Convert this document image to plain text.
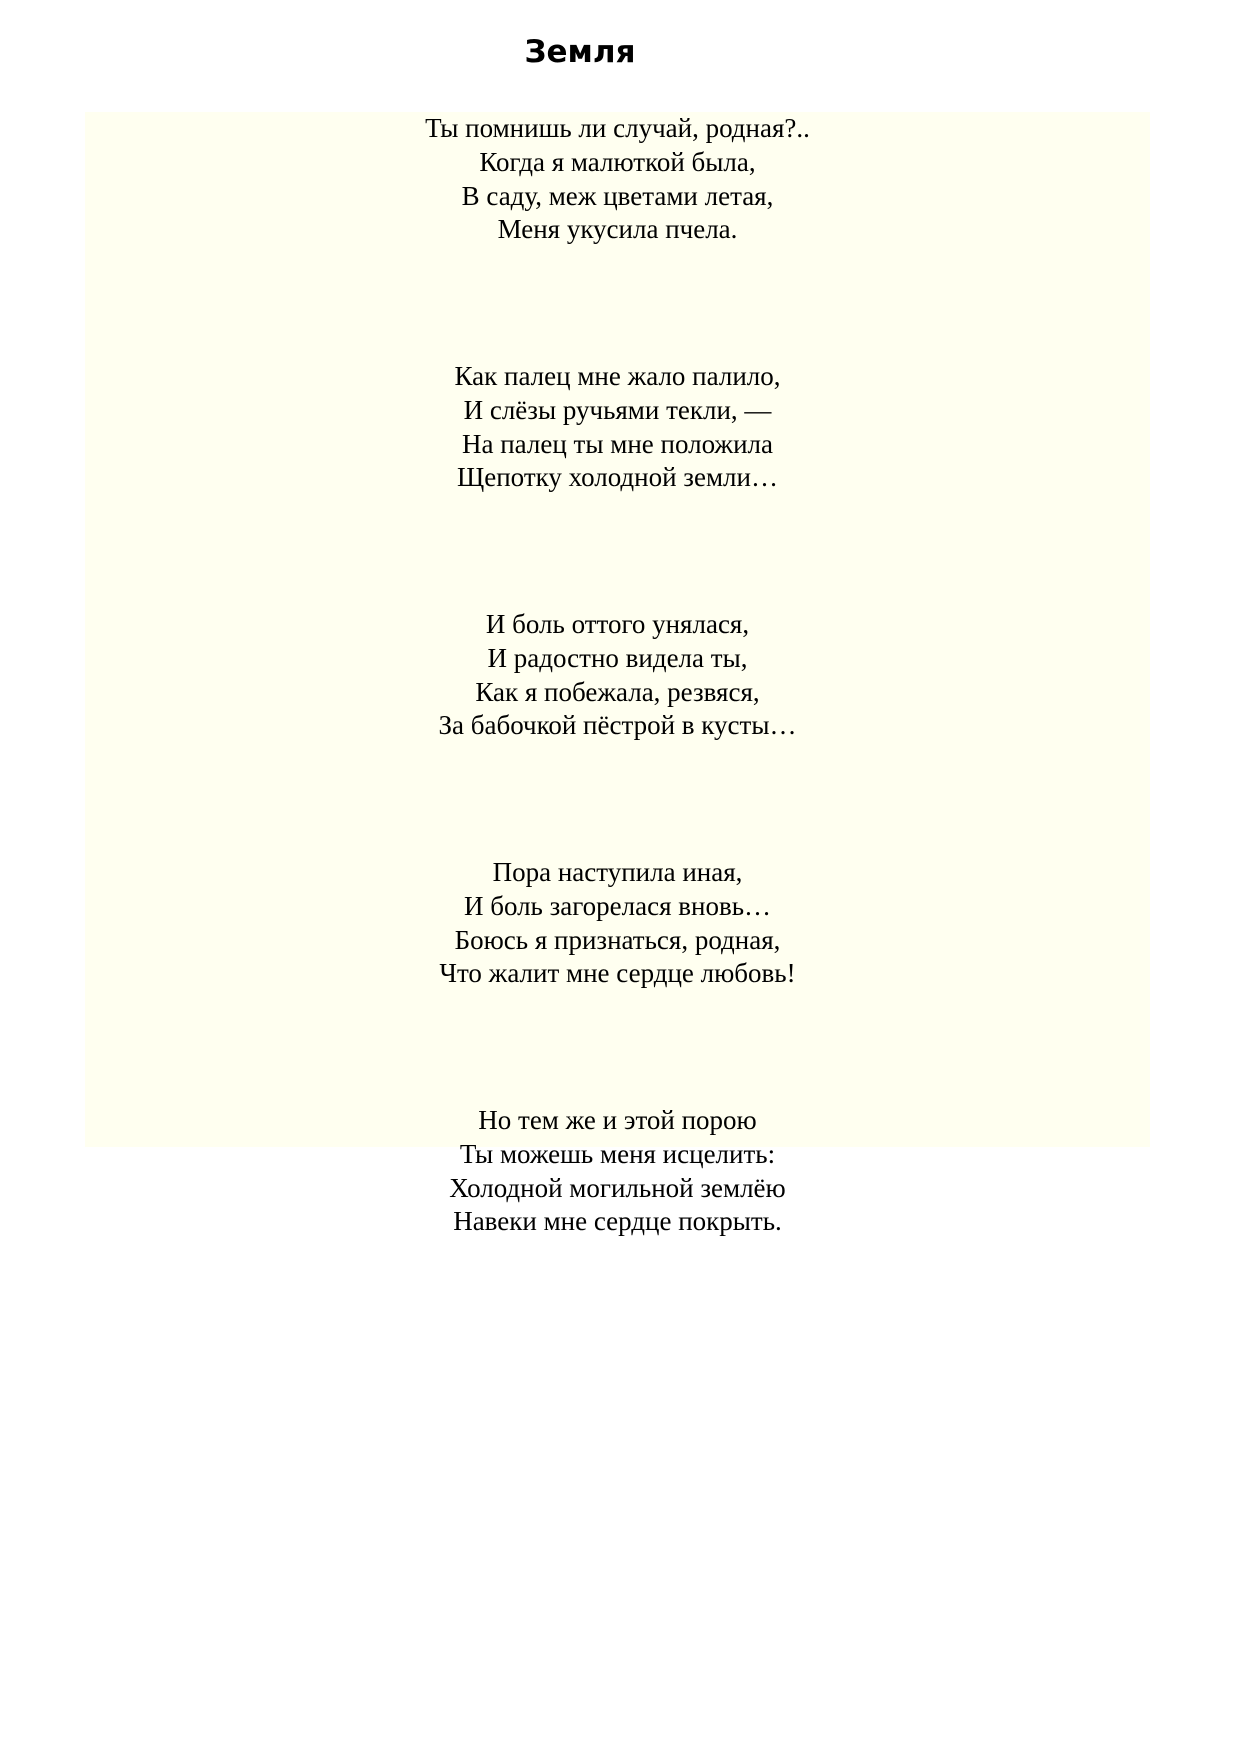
Земля
Ты помнишь ли случай, родная?..
Когда я малюткой была,
В саду, меж цветами летая,
Меня укусила пчела.
Как палец мне жало палило,
И слёзы ручьями текли, —
На палец ты мне положила
Щепотку холодной земли…
И боль оттого унялася,
И радостно видела ты,
Как я побежала, резвяся,
За бабочкой пёстрой в кусты…
Пора наступила иная,
И боль загорелася вновь…
Боюсь я признаться, родная,
Что жалит мне сердце любовь!
Но тем же и этой порою
Ты можешь меня исцелить:
Холодной могильной землёю
Навеки мне сердце покрыть.
